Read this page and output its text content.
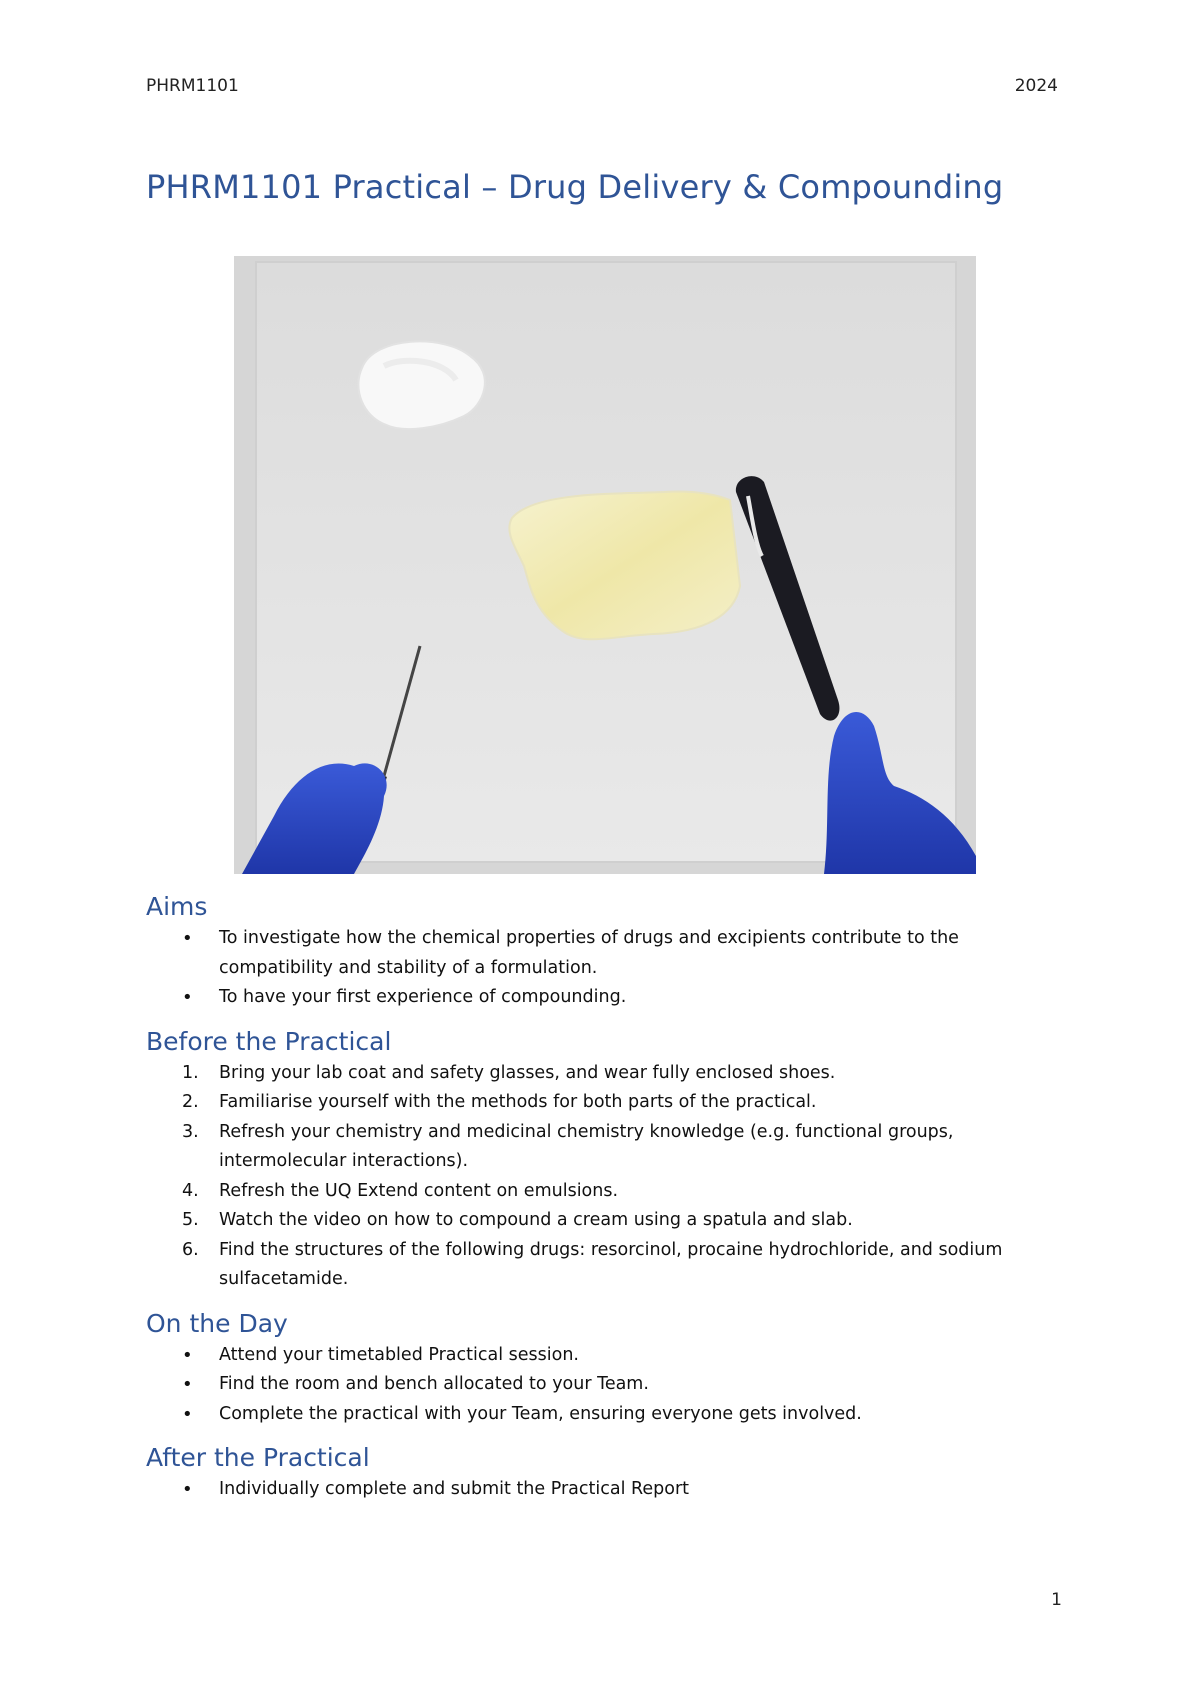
PHRM1101	2024
PHRM1101 Practical – Drug Delivery & Compounding
Aims
• To investigate how the chemical properties of drugs and excipients contribute to the compatibility and stability of a formulation.
• To have your first experience of compounding.
Before the Practical
Bring your lab coat and safety glasses, and wear fully enclosed shoes.
Familiarise yourself with the methods for both parts of the practical.
Refresh your chemistry and medicinal chemistry knowledge (e.g. functional groups, intermolecular interactions).
Refresh the UQ Extend content on emulsions.
Watch the video on how to compound a cream using a spatula and slab.
Find the structures of the following drugs: resorcinol, procaine hydrochloride, and sodium sulfacetamide.
On the Day
• Attend your timetabled Practical session.
• Find the room and bench allocated to your Team.
• Complete the practical with your Team, ensuring everyone gets involved.
After the Practical
• Individually complete and submit the Practical Report
1
